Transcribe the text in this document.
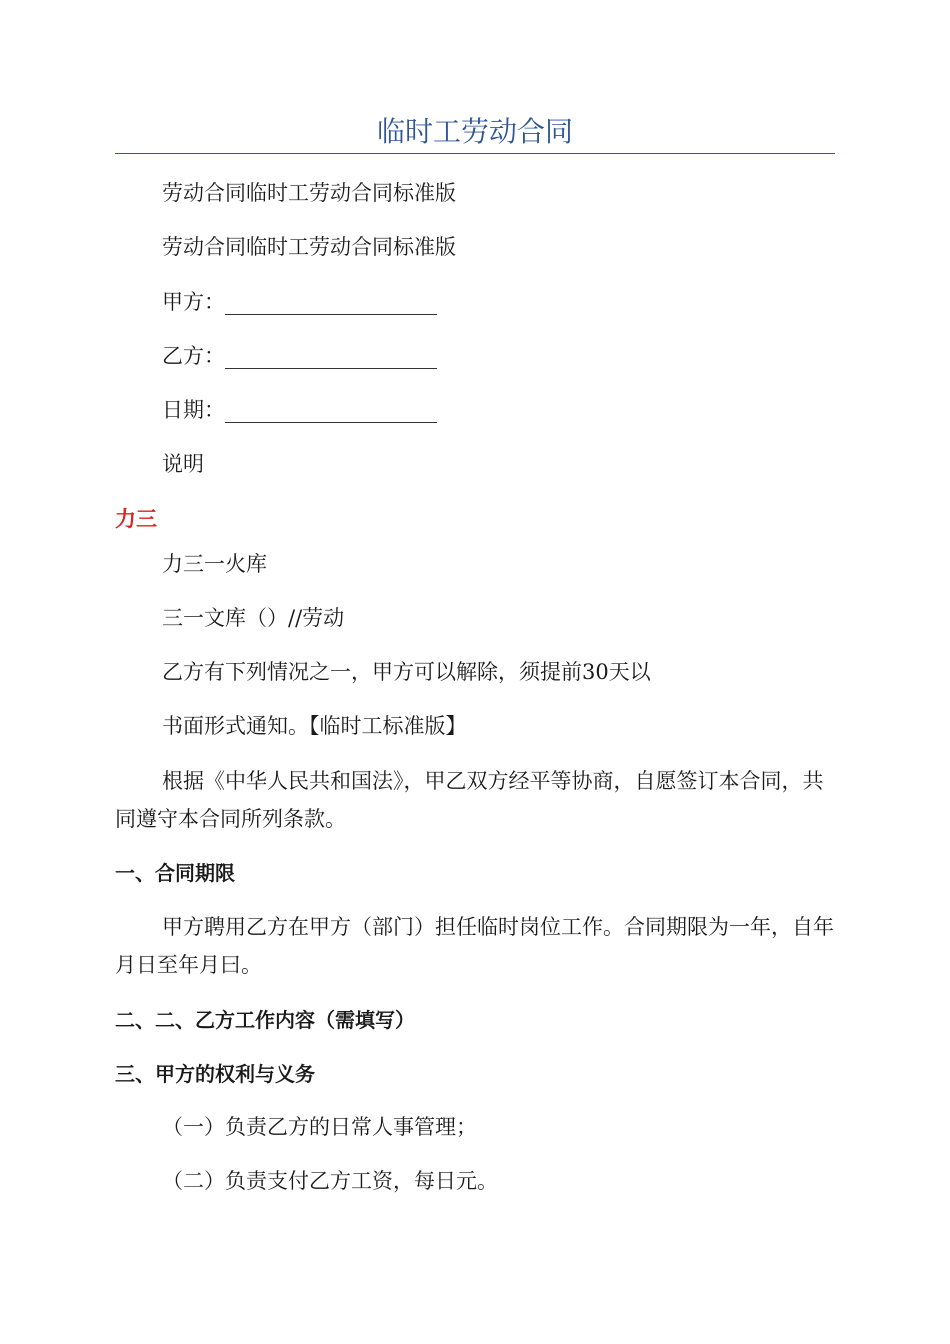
临时工劳动合同
劳动合同临时工劳动合同标准版
劳动合同临时工劳动合同标准版
甲方：
乙方：
日期：
说明
力三
力三一火库
三一文库（）//劳动
乙方有下列情况之一，甲方可以解除，须提前30天以
书面形式通知。【临时工标准版】
根据《中华人民共和国法》，甲乙双方经平等协商，自愿签订本合同，共同遵守本合同所列条款。
一、合同期限
甲方聘用乙方在甲方（部门）担任临时岗位工作。合同期限为一年，自年月日至年月曰。
二、二、乙方工作内容（需填写）
三、甲方的权利与义务
（一）负责乙方的日常人事管理；
（二）负责支付乙方工资，每日元。
